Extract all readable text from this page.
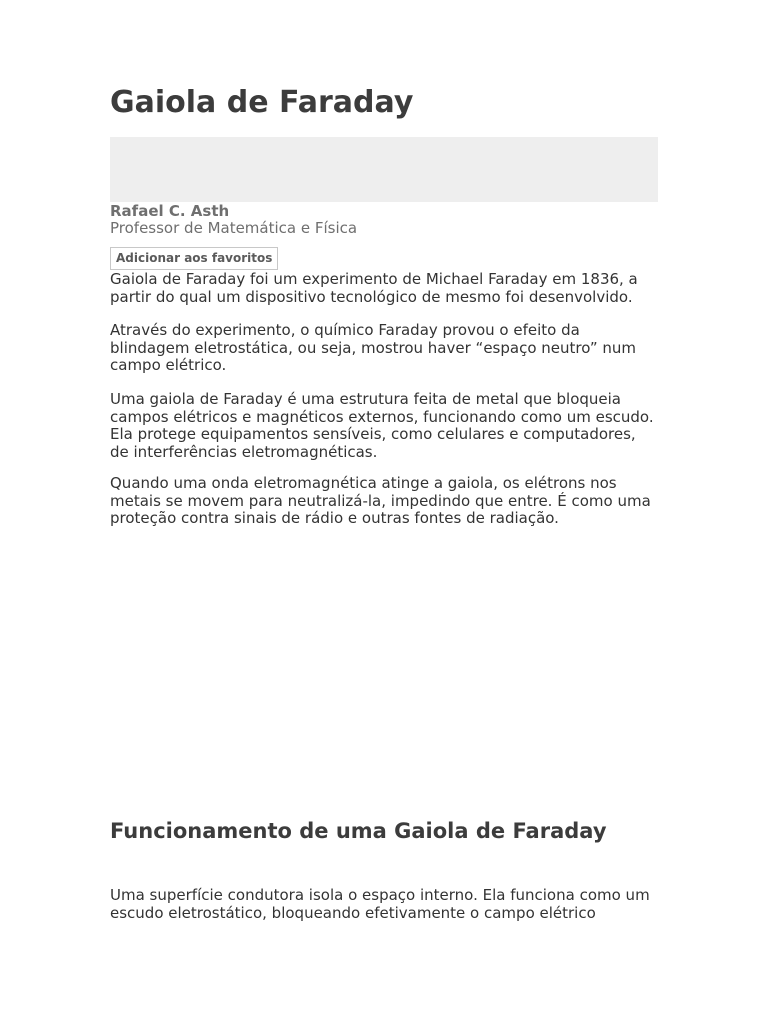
Gaiola de Faraday
Rafael C. Asth
Professor de Matemática e Física
Adicionar aos favoritos

Gaiola de Faraday foi um experimento de Michael Faraday em 1836, a partir do qual um dispositivo tecnológico de mesmo foi desenvolvido.

Através do experimento, o químico Faraday provou o efeito da blindagem eletrostática, ou seja, mostrou haver “espaço neutro” num campo elétrico.

Uma gaiola de Faraday é uma estrutura feita de metal que bloqueia campos elétricos e magnéticos externos, funcionando como um escudo. Ela protege equipamentos sensíveis, como celulares e computadores, de interferências eletromagnéticas.

Quando uma onda eletromagnética atinge a gaiola, os elétrons nos metais se movem para neutralizá-la, impedindo que entre. É como uma proteção contra sinais de rádio e outras fontes de radiação.

Funcionamento de uma Gaiola de Faraday

Uma superfície condutora isola o espaço interno. Ela funciona como um escudo eletrostático, bloqueando efetivamente o campo elétrico
